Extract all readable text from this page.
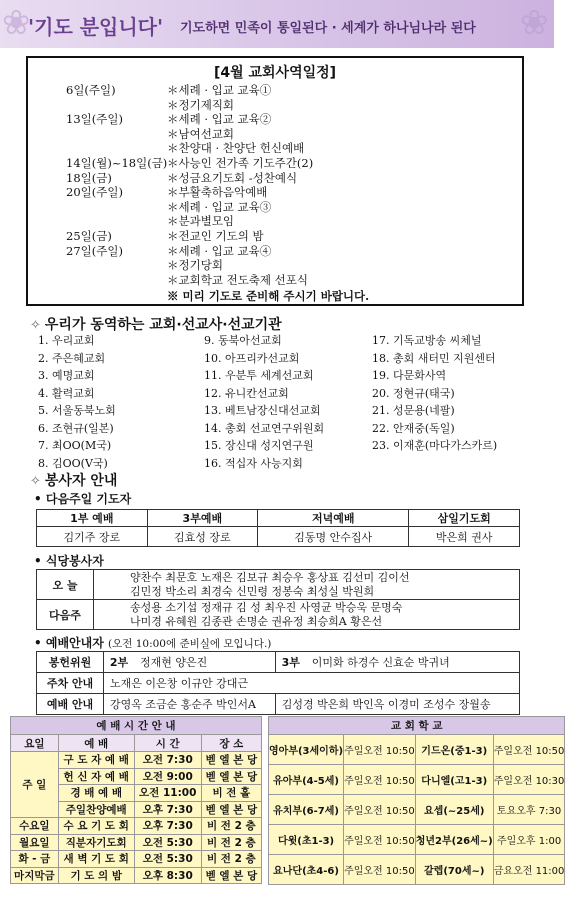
❀	❀
'기도 분입니다' 기도하면 민족이 통일된다 · 세계가 하나님나라 된다
[4월 교회사역일정]
6일(주일)	＊세례 · 입교 교육①
＊정기제직회
13일(주일)	＊세례 · 입교 교육②
＊남여선교회
＊찬양대 · 찬양단 헌신예배
14일(월)~18일(금) ＊사능인 전가족 기도주간(2)
18일(금)	＊성금요기도회 -성찬예식
20일(주일)	＊부활축하음악예배
＊세례 · 입교 교육③
＊분과별모임
25일(금)	＊전교인 기도의 밤
27일(주일)	＊세례 · 입교 교육④
＊정기당회
＊교회학교 전도축제 선포식
※ 미리 기도로 준비해 주시기 바랍니다.
✧ 우리가 동역하는 교회·선교사·선교기관
1. 우리교회
2. 주은혜교회
3. 예명교회
4. 활력교회
5. 서울동북노회
6. 조현규(일본)
7. 최OO(M국)
8. 김OO(V국)
9. 동북아선교회
10. 아프리카선교회
11. 우분투 세계선교회
12. 유니칸선교회
13. 베트남장신대선교회
14. 총회 선교연구위원회
15. 장신대 성지연구원
16. 적십자 사능지회
17. 기독교방송 씨체널
18. 총회 새터민 지원센터
19. 다문화사역
20. 정현규(태국)
21. 성문용(네팔)
22. 안재중(독일)
23. 이재훈(마다가스카르)
✧ 봉사자 안내
• 다음주일 기도자
1부 예배	3부예배	저녁예배	삼일기도회
김기주 장로	김효성 장로	김동명 안수집사	박은희 권사
• 식당봉사자
오 늘	양찬수 최문호 노재은 김보규 최승우 홍상표 김선미 김이선
김민정 박소리 최경숙 신민령 정봉숙 최성실 박원희

다음주	송성용 소기섭 정재규 김 성 최우진 사영균 박승욱 문명숙
나미경 유혜원 김종관 손명순 권유정 최승희A 황은선
• 예배안내자 (오전 10:00에 준비실에 모입니다.)
봉헌위원	2부	정재현 양은진	3부	이미화 하경수 신효순 박귀녀
주차 안내	노재은 이은창 이규안 강대근			
예배 안내	강영옥 조금순 홍순주 박인서A		김성경 박은희 박인옥 이경미 조성수 장월송	
예 배 시 간 안 내			
요일	예 배	시 간	장 소
주 일	구 도 자 예 배	오전 7:30	벧 엘 본 당
	헌 신 자 예 배	오전 9:00	벧 엘 본 당
	경 배 예 배	오전 11:00	비 전 홀
	주일찬양예배	오후 7:30	벧 엘 본 당
수요일	수 요 기 도 회	오후 7:30	비 전 2 층
월요일	직분자기도회	오전 5:30	비 전 2 층
화 - 금	새 벽 기 도 회	오전 5:30	비 전 2 층
마지막금	기 도 의 밤	오후 8:30	벧 엘 본 당
교 회 학 교			
영아부(3세이하)	주일오전 10:50	기드온(중1-3)	주일오전 10:50
유아부(4-5세)	주일오전 10:50	다니엘(고1-3)	주일오전 10:30
유치부(6-7세)	주일오전 10:50	요셉(~25세)	토요오후 7:30
다윗(초1-3)	주일오전 10:50	청년2부(26세~)	주일오후 1:00
요나단(초4-6)	주일오전 10:50	갈렙(70세~)	금요오전 11:00
